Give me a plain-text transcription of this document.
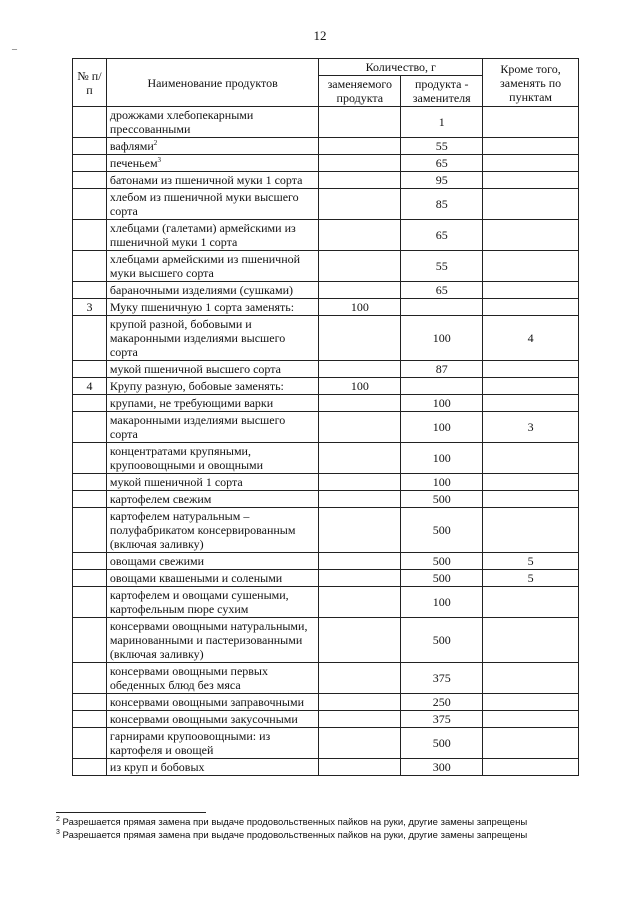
12
–
№ п/п	Наименование продуктов	Количество, г		Кроме того, заменять по пунктам
		заменяемого продукта	продукта - заменителя	
	дрожжами хлебопекарными прессованными		1	
	вафлями$^2$		55	
	печеньем$^3$		65	
	батонами из пшеничной муки 1 сорта		95	
	хлебом из пшеничной муки высшего сорта		85	
	хлебцами (галетами) армейскими из пшеничной муки 1 сорта		65	
	хлебцами армейскими из пшеничной муки высшего сорта		55	
	бараночными изделиями (сушками)		65	
3	Муку пшеничную 1 сорта заменять:	100		
	крупой разной, бобовыми и макаронными изделиями высшего сорта		100	4
	мукой пшеничной высшего сорта		87	
4	Крупу разную, бобовые заменять:	100		
	крупами, не требующими варки		100	
	макаронными изделиями высшего сорта		100	3
	концентратами крупяными, крупоовощными и овощными		100	
	мукой пшеничной 1 сорта		100	
	картофелем свежим		500	
	картофелем натуральным – полуфабрикатом консервированным (включая заливку)		500	
	овощами свежими		500	5
	овощами квашеными и солеными		500	5
	картофелем и овощами сушеными, картофельным пюре сухим		100	
	консервами овощными натуральными, маринованными и пастеризованными (включая заливку)		500	
	консервами овощными первых обеденных блюд без мяса		375	
	консервами овощными заправочными		250	
	консервами овощными закусочными		375	
	гарнирами крупоовощными: из картофеля и овощей		500	
	из круп и бобовых		300	
$^2$ Разрешается прямая замена при выдаче продовольственных пайков на руки, другие замены запрещены
$^3$ Разрешается прямая замена при выдаче продовольственных пайков на руки, другие замены запрещены
